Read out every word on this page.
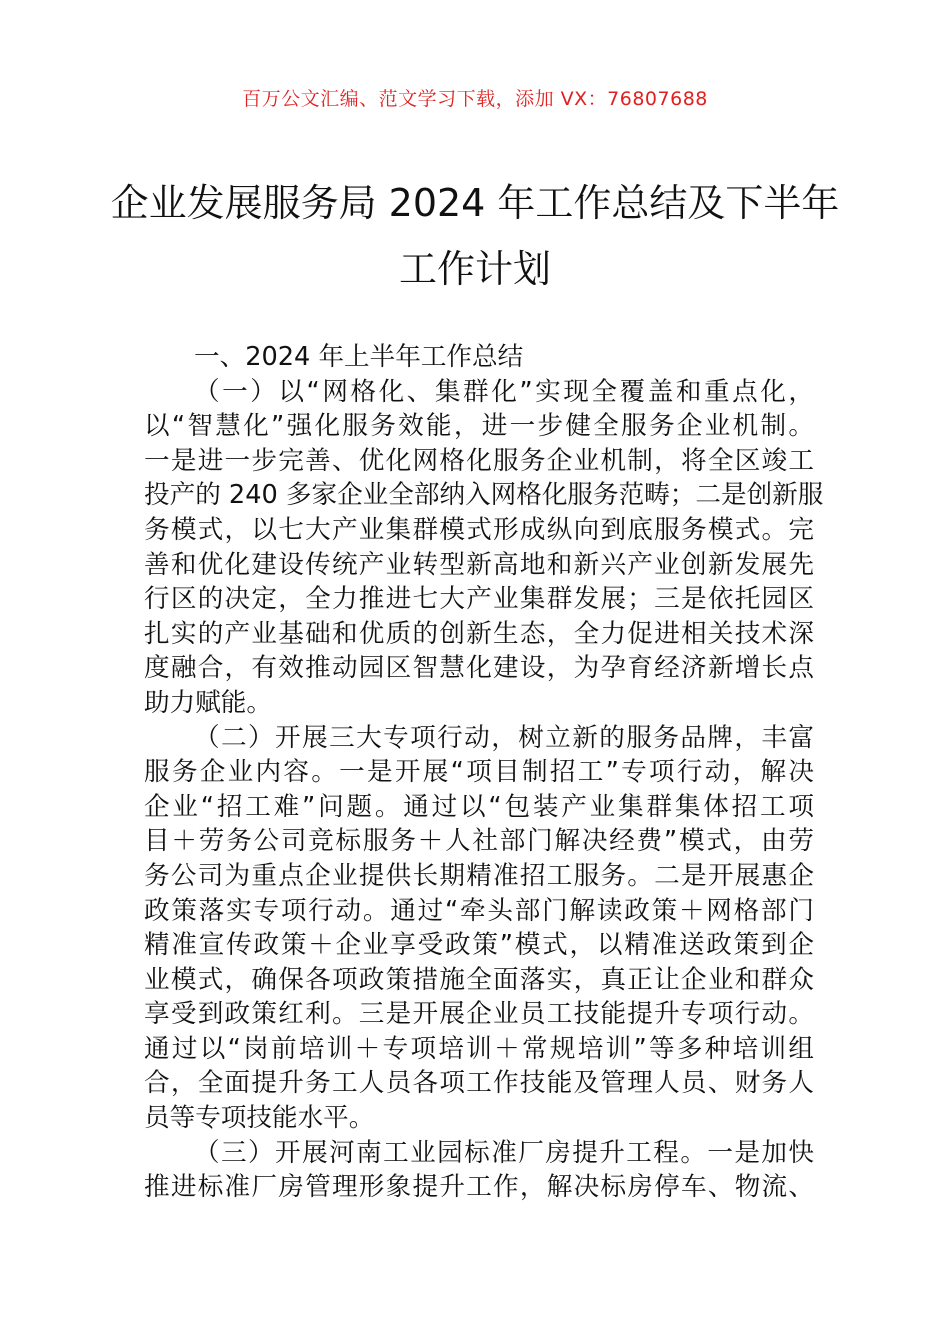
百万公文汇编、范文学习下载，添加 VX：76807688
企业发展服务局 2024 年工作总结及下半年
工作计划
一、2024 年上半年工作总结
（一）以“网格化、集群化”实现全覆盖和重点化，
以“智慧化”强化服务效能，进一步健全服务企业机制。
一是进一步完善、优化网格化服务企业机制，将全区竣工
投产的 240 多家企业全部纳入网格化服务范畴；二是创新服
务模式，以七大产业集群模式形成纵向到底服务模式。完
善和优化建设传统产业转型新高地和新兴产业创新发展先
行区的决定，全力推进七大产业集群发展；三是依托园区
扎实的产业基础和优质的创新生态，全力促进相关技术深
度融合，有效推动园区智慧化建设，为孕育经济新增长点
助力赋能。
（二）开展三大专项行动，树立新的服务品牌，丰富
服务企业内容。一是开展“项目制招工”专项行动，解决
企业“招工难”问题。通过以“包装产业集群集体招工项
目＋劳务公司竞标服务＋人社部门解决经费”模式，由劳
务公司为重点企业提供长期精准招工服务。二是开展惠企
政策落实专项行动。通过“牵头部门解读政策＋网格部门
精准宣传政策＋企业享受政策”模式，以精准送政策到企
业模式，确保各项政策措施全面落实，真正让企业和群众
享受到政策红利。三是开展企业员工技能提升专项行动。
通过以“岗前培训＋专项培训＋常规培训”等多种培训组
合，全面提升务工人员各项工作技能及管理人员、财务人
员等专项技能水平。
（三）开展河南工业园标准厂房提升工程。一是加快
推进标准厂房管理形象提升工作，解决标房停车、物流、
